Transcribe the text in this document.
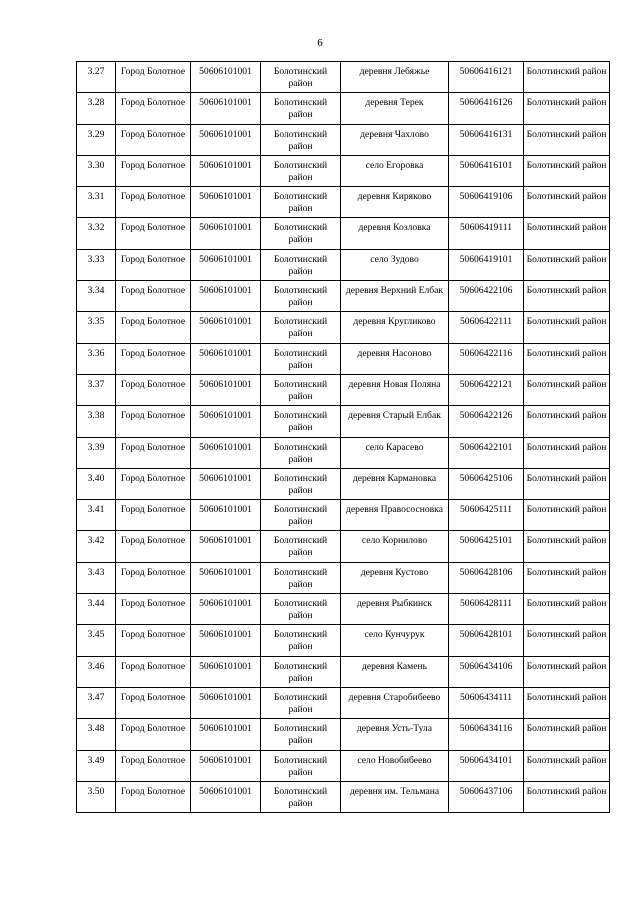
6
3.27	Город Болотное	50606101001	Болотинский район	деревня Лебяжье	50606416121	Болотинский район
3.28	Город Болотное	50606101001	Болотинский район	деревня Терек	50606416126	Болотинский район
3.29	Город Болотное	50606101001	Болотинский район	деревня Чахлово	50606416131	Болотинский район
3.30	Город Болотное	50606101001	Болотинский район	село Егоровка	50606416101	Болотинский район
3.31	Город Болотное	50606101001	Болотинский район	деревня Киряково	50606419106	Болотинский район
3.32	Город Болотное	50606101001	Болотинский район	деревня Козловка	50606419111	Болотинский район
3.33	Город Болотное	50606101001	Болотинский район	село Зудово	50606419101	Болотинский район
3.34	Город Болотное	50606101001	Болотинский район	деревня Верхний Елбак	50606422106	Болотинский район
3.35	Город Болотное	50606101001	Болотинский район	деревня Кругликово	50606422111	Болотинский район
3.36	Город Болотное	50606101001	Болотинский район	деревня Насоново	50606422116	Болотинский район
3.37	Город Болотное	50606101001	Болотинский район	деревня Новая Поляна	50606422121	Болотинский район
3.38	Город Болотное	50606101001	Болотинский район	деревня Старый Елбак	50606422126	Болотинский район
3.39	Город Болотное	50606101001	Болотинский район	село Карасево	50606422101	Болотинский район
3.40	Город Болотное	50606101001	Болотинский район	деревня Кармановка	50606425106	Болотинский район
3.41	Город Болотное	50606101001	Болотинский район	деревня Правососновка	50606425111	Болотинский район
3.42	Город Болотное	50606101001	Болотинский район	село Корнилово	50606425101	Болотинский район
3.43	Город Болотное	50606101001	Болотинский район	деревня Кустово	50606428106	Болотинский район
3.44	Город Болотное	50606101001	Болотинский район	деревня Рыбкинск	50606428111	Болотинский район
3.45	Город Болотное	50606101001	Болотинский район	село Кунчурук	50606428101	Болотинский район
3.46	Город Болотное	50606101001	Болотинский район	деревня Камень	50606434106	Болотинский район
3.47	Город Болотное	50606101001	Болотинский район	деревня Старобибеево	50606434111	Болотинский район
3.48	Город Болотное	50606101001	Болотинский район	деревня Усть-Тула	50606434116	Болотинский район
3.49	Город Болотное	50606101001	Болотинский район	село Новобибеево	50606434101	Болотинский район
3.50	Город Болотное	50606101001	Болотинский район	деревня им. Тельмана	50606437106	Болотинский район
